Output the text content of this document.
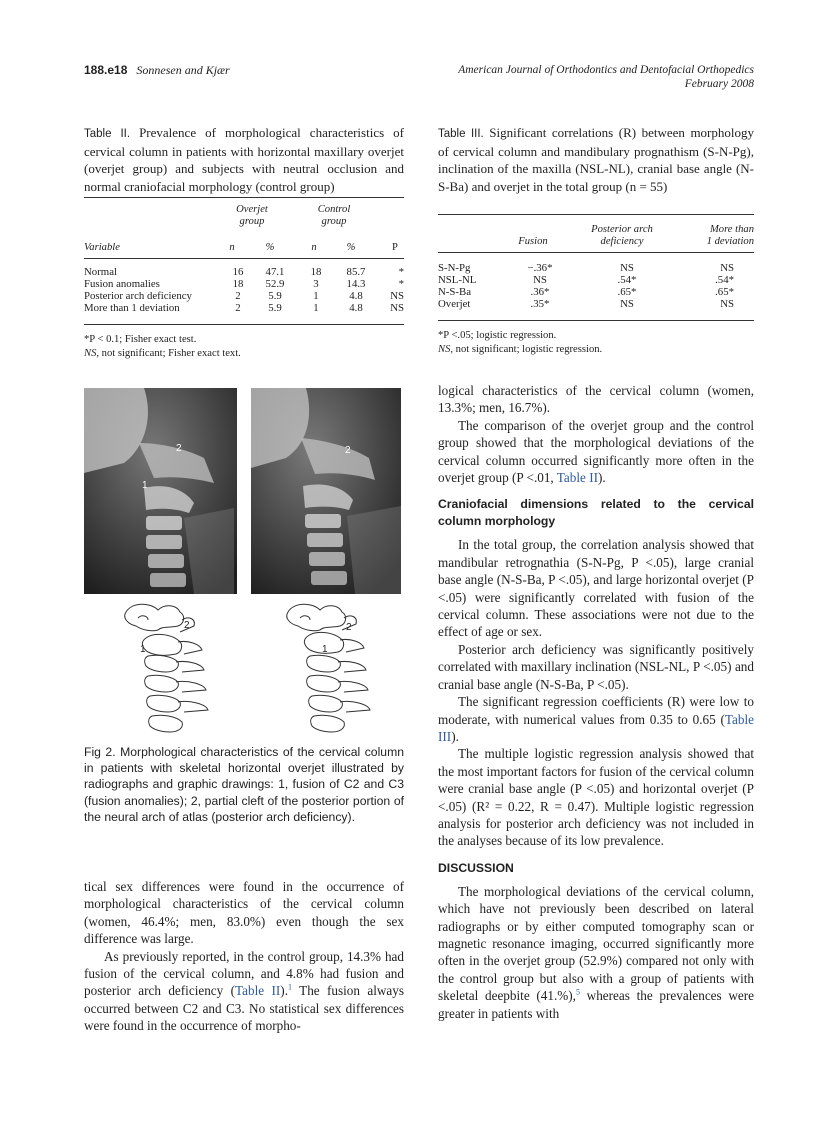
188.e18 Sonnesen and Kjær	American Journal of Orthodontics and Dentofacial Orthopedics
February 2008
Table II. Prevalence of morphological characteristics of cervical column in patients with horizontal maxillary overjet (overjet group) and subjects with neutral occlusion and normal craniofacial morphology (control group)
Overjet
group
Control
group
Variable	n	%	n	%	P
Normal	16	47.1	18	85.7	*
Fusion anomalies	18	52.9	3	14.3	*
Posterior arch deficiency	2	5.9	1	4.8	NS
More than 1 deviation	2	5.9	1	4.8	NS
*P < 0.1; Fisher exact test.
NS, not significant; Fisher exact text.
Table III. Significant correlations (R) between morphology of cervical column and mandibulary prognathism (S-N-Pg), inclination of the maxilla (NSL-NL), cranial base angle (N-S-Ba) and overjet in the total group (n = 55)
Fusion
Posterior arch
deficiency
More than
1 deviation
S-N-Pg	−.36*	NS	NS
NSL-NL	NS	.54*	.54*
N-S-Ba	.36*	.65*	.65*
Overjet	.35*	NS	NS
*P <.05; logistic regression.
NS, not significant; logistic regression.
2
1
2
2
1
2
1
Fig 2. Morphological characteristics of the cervical column in patients with skeletal horizontal overjet illustrated by radiographs and graphic drawings: 1, fusion of C2 and C3 (fusion anomalies); 2, partial cleft of the posterior portion of the neural arch of atlas (posterior arch deficiency).

tical sex differences were found in the occurrence of morphological characteristics of the cervical column (women, 46.4%; men, 83.0%) even though the sex difference was large.

As previously reported, in the control group, 14.3% had fusion of the cervical column, and 4.8% had fusion and posterior arch deficiency (Table II).$^1$ The fusion always occurred between C2 and C3. No statistical sex differences were found in the occurrence of morpho-

logical characteristics of the cervical column (women, 13.3%; men, 16.7%).

The comparison of the overjet group and the control group showed that the morphological deviations of the cervical column occurred significantly more often in the overjet group (P <.01, Table II).

Craniofacial dimensions related to the cervical column morphology

In the total group, the correlation analysis showed that mandibular retrognathia (S-N-Pg, P <.05), large cranial base angle (N-S-Ba, P <.05), and large horizontal overjet (P <.05) were significantly correlated with fusion of the cervical column. These associations were not due to the effect of age or sex.

Posterior arch deficiency was significantly positively correlated with maxillary inclination (NSL-NL, P <.05) and cranial base angle (N-S-Ba, P <.05).

The significant regression coefficients (R) were low to moderate, with numerical values from 0.35 to 0.65 (Table III).

The multiple logistic regression analysis showed that the most important factors for fusion of the cervical column were cranial base angle (P <.05) and horizontal overjet (P <.05) (R² = 0.22, R = 0.47). Multiple logistic regression analysis for posterior arch deficiency was not included in the analyses because of its low prevalence.

DISCUSSION

The morphological deviations of the cervical column, which have not previously been described on lateral radiographs or by either computed tomography scan or magnetic resonance imaging, occurred significantly more often in the overjet group (52.9%) compared not only with the control group but also with a group of patients with skeletal deepbite (41.%),$^5$ whereas the prevalences were greater in patients with
